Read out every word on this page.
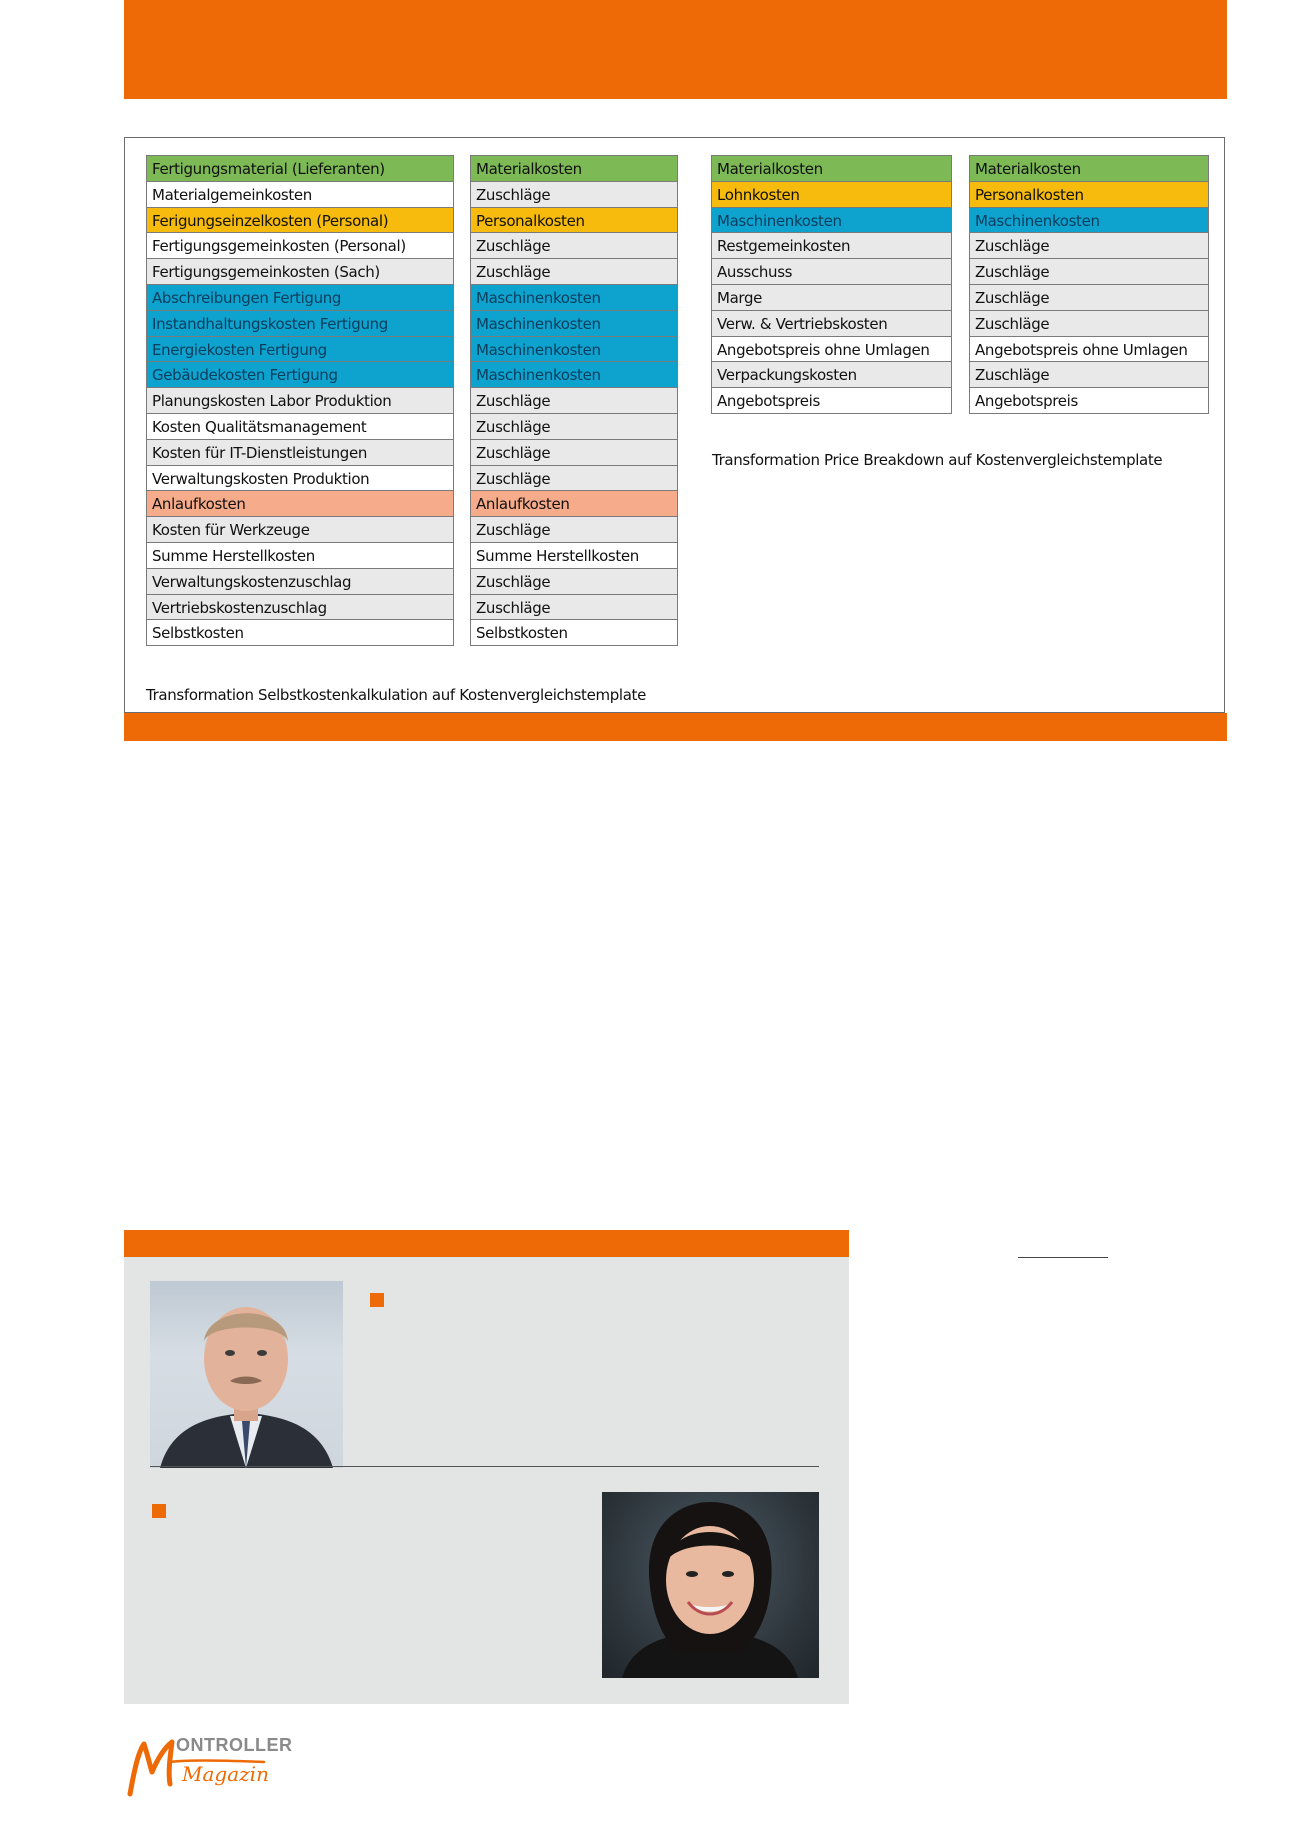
Fertigungsmaterial (Lieferanten)
Materialgemeinkosten
Ferigungseinzelkosten (Personal)
Fertigungsgemeinkosten (Personal)
Fertigungsgemeinkosten (Sach)
Abschreibungen Fertigung
Instandhaltungskosten Fertigung
Energiekosten Fertigung
Gebäudekosten Fertigung
Planungskosten Labor Produktion
Kosten Qualitätsmanagement
Kosten für IT-Dienstleistungen
Verwaltungskosten Produktion
Anlaufkosten
Kosten für Werkzeuge
Summe Herstellkosten
Verwaltungskostenzuschlag
Vertriebskostenzuschlag
Selbstkosten
Materialkosten
Zuschläge
Personalkosten
Zuschläge
Zuschläge
Maschinenkosten
Maschinenkosten
Maschinenkosten
Maschinenkosten
Zuschläge
Zuschläge
Zuschläge
Zuschläge
Anlaufkosten
Zuschläge
Summe Herstellkosten
Zuschläge
Zuschläge
Selbstkosten
Materialkosten
Lohnkosten
Maschinenkosten
Restgemeinkosten
Ausschuss
Marge
Verw. & Vertriebskosten
Angebotspreis ohne Umlagen
Verpackungskosten
Angebotspreis
Materialkosten
Personalkosten
Maschinenkosten
Zuschläge
Zuschläge
Zuschläge
Zuschläge
Angebotspreis ohne Umlagen
Zuschläge
Angebotspreis
Transformation Selbstkostenkalkulation auf Kostenvergleichstemplate
Transformation Price Breakdown auf Kostenvergleichstemplate
ONTROLLER
Magazin
